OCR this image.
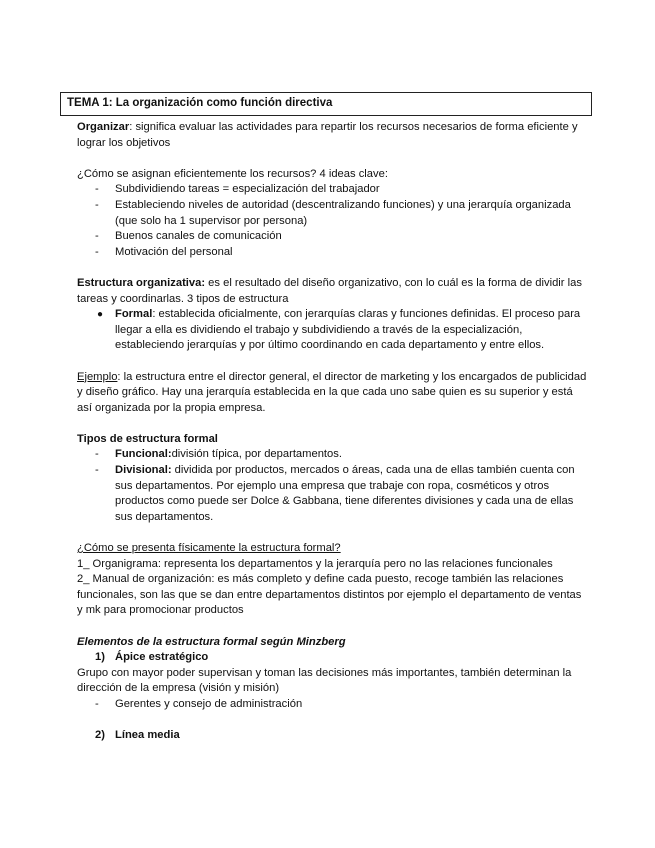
TEMA 1: La organización como función directiva

Organizar: significa evaluar las actividades para repartir los recursos necesarios de forma eficiente y lograr los objetivos

¿Cómo se asignan eficientemente los recursos? 4 ideas clave:

- Subdividiendo tareas = especialización del trabajador
- Estableciendo niveles de autoridad (descentralizando funciones) y una jerarquía organizada (que solo ha 1 supervisor por persona)
- Buenos canales de comunicación
- Motivación del personal

Estructura organizativa: es el resultado del diseño organizativo, con lo cuál es la forma de dividir las tareas y coordinarlas. 3 tipos de estructura

● Formal: establecida oficialmente, con jerarquías claras y funciones definidas. El proceso para llegar a ella es dividiendo el trabajo y subdividiendo a través de la especialización, estableciendo jerarquías y por último coordinando en cada departamento y entre ellos.

Ejemplo: la estructura entre el director general, el director de marketing y los encargados de publicidad y diseño gráfico. Hay una jerarquía establecida en la que cada uno sabe quien es su superior y está así organizada por la propia empresa.

Tipos de estructura formal

- Funcional:división típica, por departamentos.
- Divisional: dividida por productos, mercados o áreas, cada una de ellas también cuenta con sus departamentos. Por ejemplo una empresa que trabaje con ropa, cosméticos y otros productos como puede ser Dolce & Gabbana, tiene diferentes divisiones y cada una de ellas sus departamentos.

¿Cómo se presenta físicamente la estructura formal?

1_ Organigrama: representa los departamentos y la jerarquía pero no las relaciones funcionales

2_ Manual de organización: es más completo y define cada puesto, recoge también las relaciones funcionales, son las que se dan entre departamentos distintos por ejemplo el departamento de ventas y mk para promocionar productos

Elementos de la estructura formal según Minzberg

1) Ápice estratégico

Grupo con mayor poder supervisan y toman las decisiones más importantes, también determinan la dirección de la empresa (visión y misión)

- Gerentes y consejo de administración

2) Línea media
